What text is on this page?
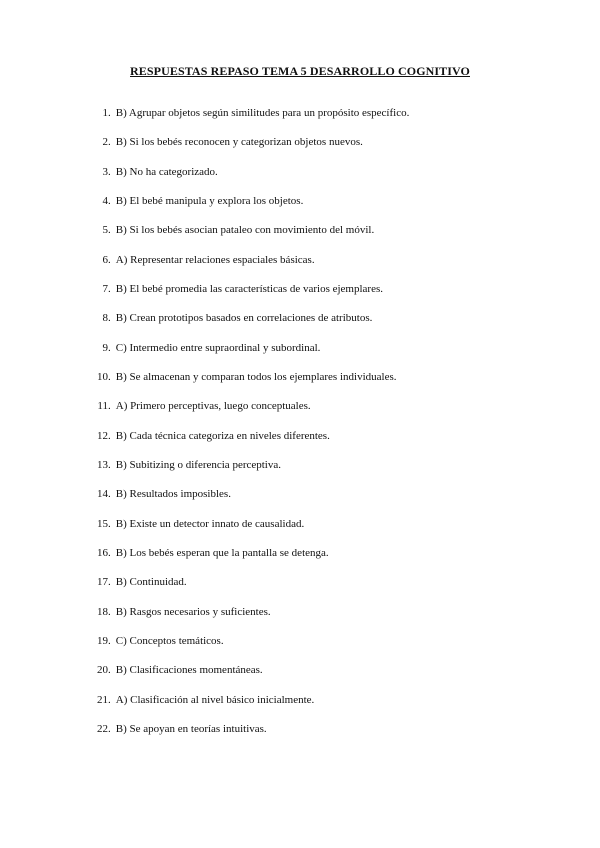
RESPUESTAS REPASO TEMA 5 DESARROLLO COGNITIVO
1 . B) Agrupar objetos según similitudes para un propósito específico.
2 . B) Si los bebés reconocen y categorizan objetos nuevos.
3 . B) No ha categorizado.
4 . B) El bebé manipula y explora los objetos.
5 . B) Si los bebés asocian pataleo con movimiento del móvil.
6 . A) Representar relaciones espaciales básicas.
7 . B) El bebé promedia las características de varios ejemplares.
8 . B) Crean prototipos basados en correlaciones de atributos.
9 . C) Intermedio entre supraordinal y subordinal.
10 . B) Se almacenan y comparan todos los ejemplares individuales.
11 . A) Primero perceptivas, luego conceptuales.
12 . B) Cada técnica categoriza en niveles diferentes.
13 . B) Subitizing o diferencia perceptiva.
14 . B) Resultados imposibles.
15 . B) Existe un detector innato de causalidad.
16 . B) Los bebés esperan que la pantalla se detenga.
17 . B) Continuidad.
18 . B) Rasgos necesarios y suficientes.
19 . C) Conceptos temáticos.
20 . B) Clasificaciones momentáneas.
21 . A) Clasificación al nivel básico inicialmente.
22 . B) Se apoyan en teorías intuitivas.
